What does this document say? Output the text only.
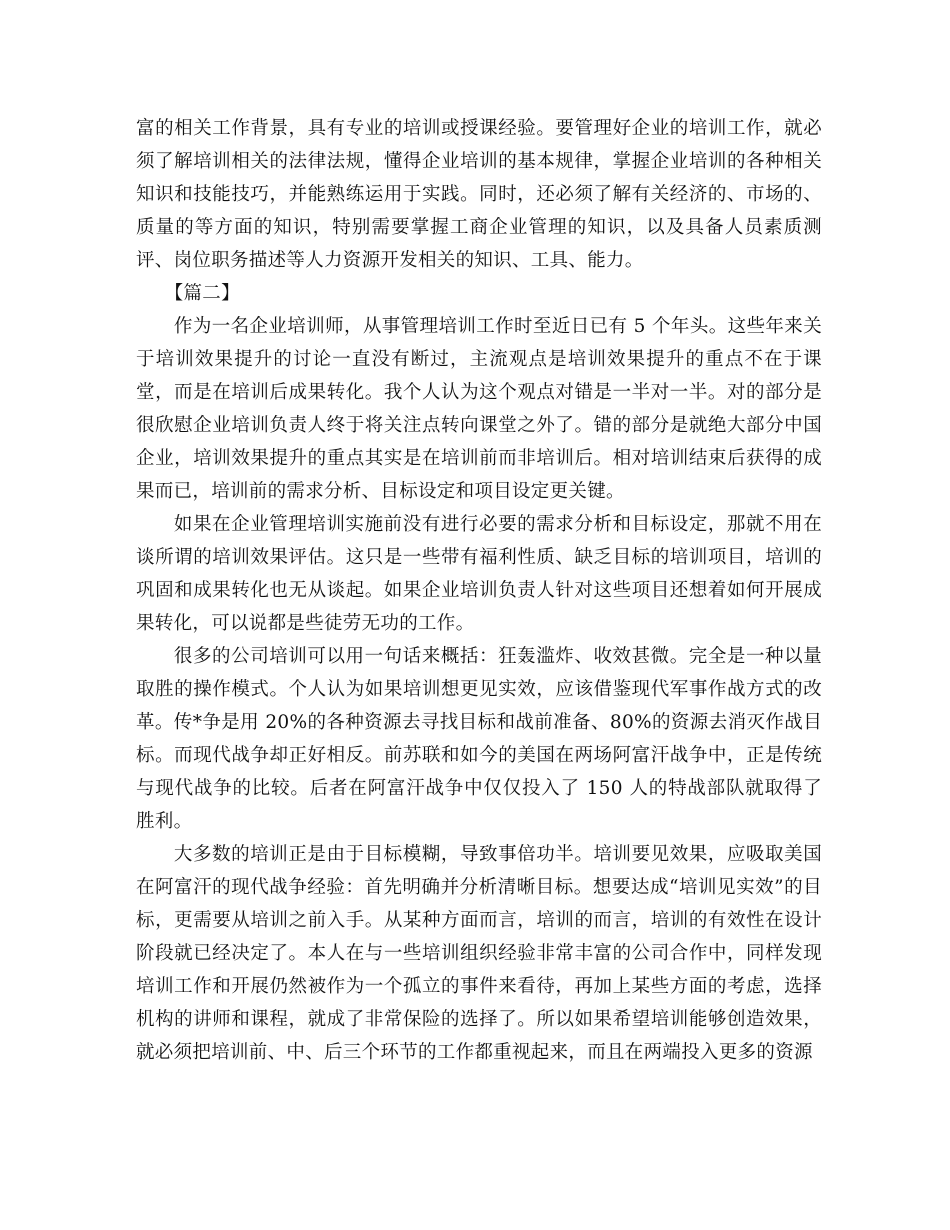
富的相关工作背景，具有专业的培训或授课经验。要管理好企业的培训工作，就必须了解培训相关的法律法规，懂得企业培训的基本规律，掌握企业培训的各种相关知识和技能技巧，并能熟练运用于实践。同时，还必须了解有关经济的、市场的、质量的等方面的知识，特别需要掌握工商企业管理的知识，以及具备人员素质测评、岗位职务描述等人力资源开发相关的知识、工具、能力。

【篇二】

作为一名企业培训师，从事管理培训工作时至近日已有 5 个年头。这些年来关于培训效果提升的讨论一直没有断过，主流观点是培训效果提升的重点不在于课堂，而是在培训后成果转化。我个人认为这个观点对错是一半对一半。对的部分是很欣慰企业培训负责人终于将关注点转向课堂之外了。错的部分是就绝大部分中国企业，培训效果提升的重点其实是在培训前而非培训后。相对培训结束后获得的成果而已，培训前的需求分析、目标设定和项目设定更关键。

如果在企业管理培训实施前没有进行必要的需求分析和目标设定，那就不用在谈所谓的培训效果评估。这只是一些带有福利性质、缺乏目标的培训项目，培训的巩固和成果转化也无从谈起。如果企业培训负责人针对这些项目还想着如何开展成果转化，可以说都是些徒劳无功的工作。

很多的公司培训可以用一句话来概括：狂轰滥炸、收效甚微。完全是一种以量取胜的操作模式。个人认为如果培训想更见实效，应该借鉴现代军事作战方式的改革。传*争是用 20%的各种资源去寻找目标和战前准备、80%的资源去消灭作战目标。而现代战争却正好相反。前苏联和如今的美国在两场阿富汗战争中，正是传统与现代战争的比较。后者在阿富汗战争中仅仅投入了 150 人的特战部队就取得了胜利。

大多数的培训正是由于目标模糊，导致事倍功半。培训要见效果，应吸取美国在阿富汗的现代战争经验：首先明确并分析清晰目标。想要达成“培训见实效”的目标，更需要从培训之前入手。从某种方面而言，培训的而言，培训的有效性在设计阶段就已经决定了。本人在与一些培训组织经验非常丰富的公司合作中，同样发现培训工作和开展仍然被作为一个孤立的事件来看待，再加上某些方面的考虑，选择机构的讲师和课程，就成了非常保险的选择了。所以如果希望培训能够创造效果，就必须把培训前、中、后三个环节的工作都重视起来，而且在两端投入更多的资源
